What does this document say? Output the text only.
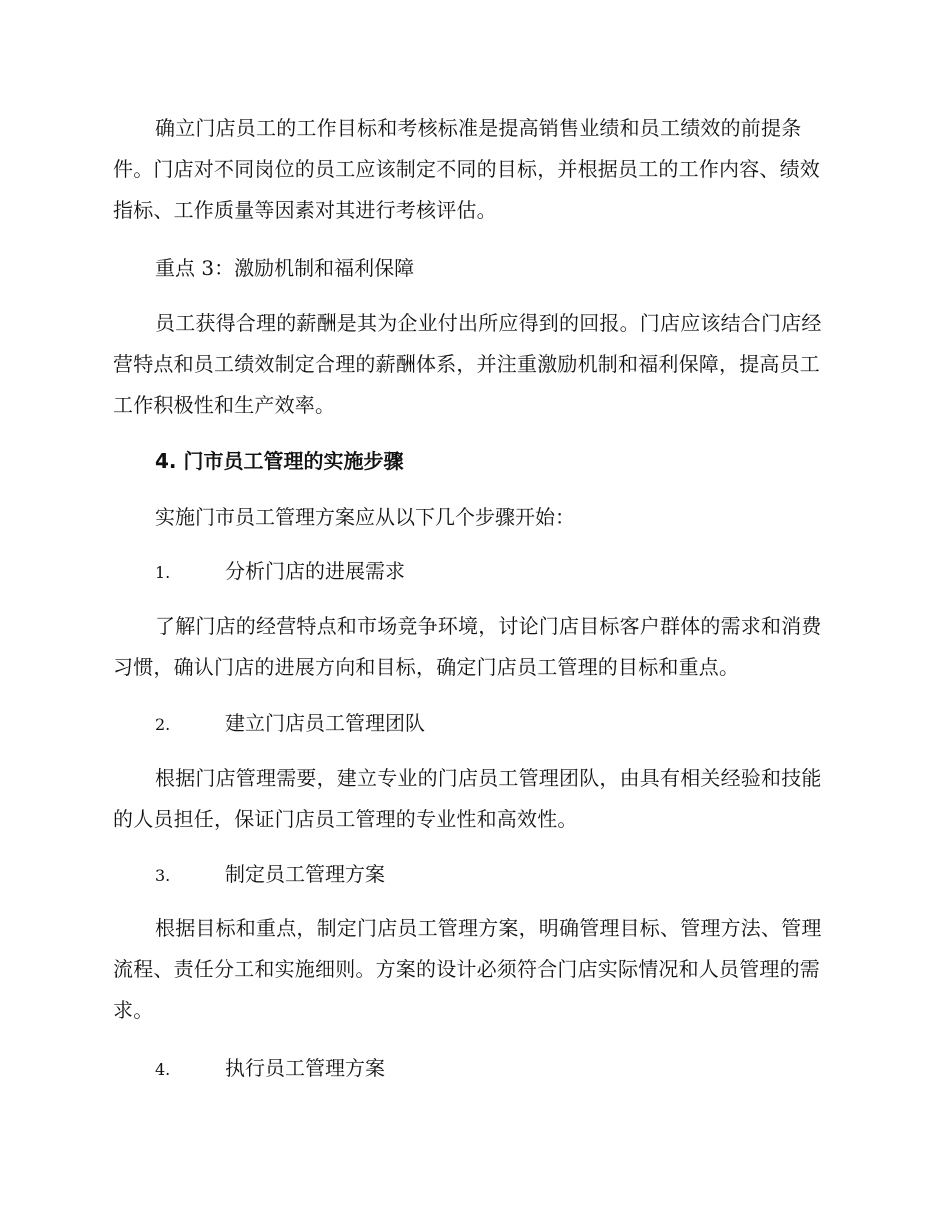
确立门店员工的工作目标和考核标准是提高销售业绩和员工绩效的前提条件。门店对不同岗位的员工应该制定不同的目标，并根据员工的工作内容、绩效指标、工作质量等因素对其进行考核评估。

重点 3：激励机制和福利保障

员工获得合理的薪酬是其为企业付出所应得到的回报。门店应该结合门店经营特点和员工绩效制定合理的薪酬体系，并注重激励机制和福利保障，提高员工工作积极性和生产效率。

4. 门市员工管理的实施步骤

实施门市员工管理方案应从以下几个步骤开始：

1.	分析门店的进展需求

了解门店的经营特点和市场竞争环境，讨论门店目标客户群体的需求和消费习惯，确认门店的进展方向和目标，确定门店员工管理的目标和重点。

2.	建立门店员工管理团队

根据门店管理需要，建立专业的门店员工管理团队，由具有相关经验和技能的人员担任，保证门店员工管理的专业性和高效性。

3.	制定员工管理方案

根据目标和重点，制定门店员工管理方案，明确管理目标、管理方法、管理流程、责任分工和实施细则。方案的设计必须符合门店实际情况和人员管理的需求。

4.	执行员工管理方案
